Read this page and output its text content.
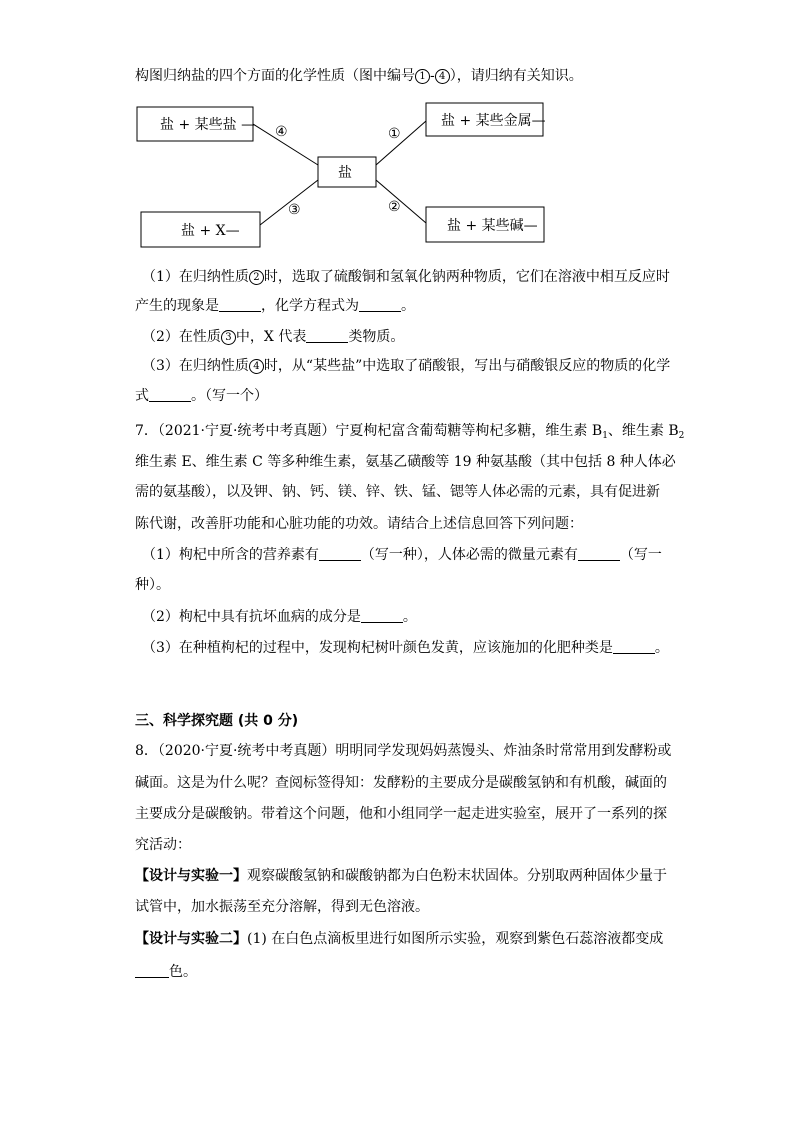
构图归纳盐的四个方面的化学性质（图中编号 1 - 4 ），请归纳有关知识。
盐 + 某些盐 —
盐 + X—
盐
盐 + 某些金属—
盐 + 某些碱—
④
③
①
②
（1）在归纳性质 2 时，选取了硫酸铜和氢氧化钠两种物质，它们在溶液中相互反应时
产生的现象是	，化学方程式为	。
（2）在性质 3 中，X 代表	类物质。
（3）在归纳性质 4 时，从“某些盐”中选取了硝酸银，写出与硝酸银反应的物质的化学
式	。（写一个）
7．（2021·宁夏·统考中考真题）宁夏枸杞富含葡萄糖等枸杞多糖，维生素 $B_1$、维生素 $B_2$
维生素 E、维生素 C 等多种维生素，氨基乙磺酸等 19 种氨基酸（其中包括 8 种人体必
需的氨基酸），以及钾、钠、钙、镁、锌、铁、锰、锶等人体必需的元素，具有促进新
陈代谢，改善肝功能和心脏功能的功效。请结合上述信息回答下列问题：
（1）枸杞中所含的营养素有	（写一种），人体必需的微量元素有	（写一
种）。
（2）枸杞中具有抗坏血病的成分是	。
（3）在种植枸杞的过程中，发现枸杞树叶颜色发黄，应该施加的化肥种类是	。
三、科学探究题 (共 0 分)
8．（2020·宁夏·统考中考真题）明明同学发现妈妈蒸馒头、炸油条时常常用到发酵粉或
碱面。这是为什么呢？查阅标签得知：发酵粉的主要成分是碳酸氢钠和有机酸，碱面的
主要成分是碳酸钠。带着这个问题，他和小组同学一起走进实验室，展开了一系列的探
究活动：
【设计与实验一】观察碳酸氢钠和碳酸钠都为白色粉末状固体。分别取两种固体少量于
试管中，加水振荡至充分溶解，得到无色溶液。
【设计与实验二】(1) 在白色点滴板里进行如图所示实验，观察到紫色石蕊溶液都变成
色。
